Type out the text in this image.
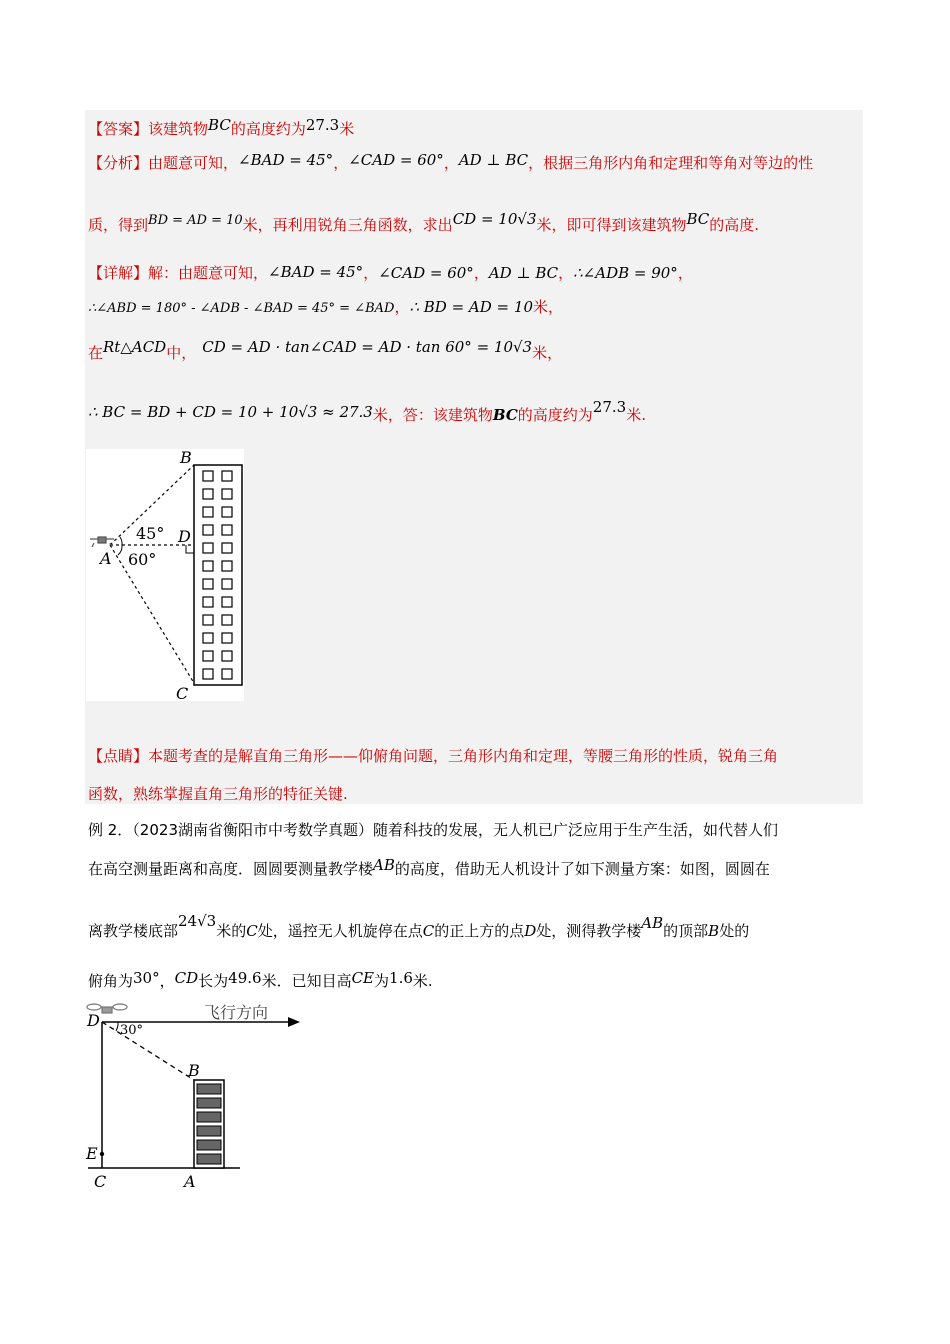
【答案】该建筑物BC的高度约为27.3米
【分析】由题意可知，∠BAD = 45°，∠CAD = 60°，AD ⊥ BC，根据三角形内角和定理和等角对等边的性
质，得到BD = AD = 10米，再利用锐角三角函数，求出CD = 10√3米，即可得到该建筑物BC的高度.
【详解】解：由题意可知，∠BAD = 45°，∠CAD = 60°，AD ⊥ BC，∴∠ADB = 90°，
∴∠ABD = 180° - ∠ADB - ∠BAD = 45° = ∠BAD，∴ BD = AD = 10米，
在Rt△ACD中， CD = AD · tan∠CAD = AD · tan 60° = 10√3米，
∴ BC = BD + CD = 10 + 10√3 ≈ 27.3米，答：该建筑物BC的高度约为27.3米.
B
D
A
C
45°
60°
【点睛】本题考查的是解直角三角形——仰俯角问题，三角形内角和定理，等腰三角形的性质，锐角三角
函数，熟练掌握直角三角形的特征关键.
例 2．（2023湖南省衡阳市中考数学真题）随着科技的发展，无人机已广泛应用于生产生活，如代替人们
在高空测量距离和高度．圆圆要测量教学楼AB的高度，借助无人机设计了如下测量方案：如图，圆圆在
离教学楼底部24√3米的C处，遥控无人机旋停在点C的正上方的点D处，测得教学楼AB的顶部B处的
俯角为30°，CD长为49.6米．已知目高CE为1.6米.
D
30°
飞行方向
B
E
C	A
